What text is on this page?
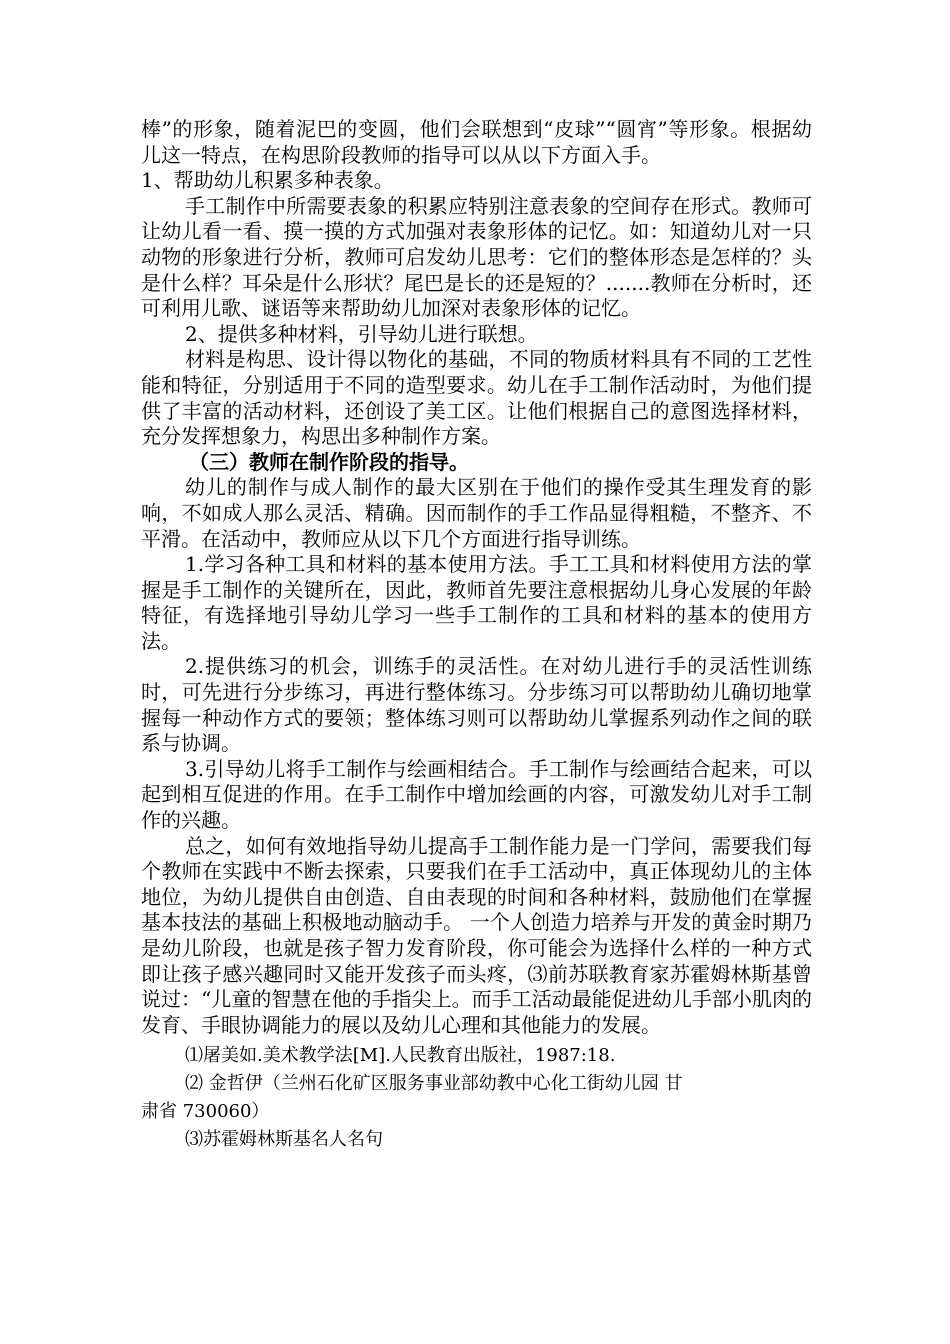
棒”的形象，随着泥巴的变圆，他们会联想到“皮球”“圆宵”等形象。根据幼儿这一特点，在构思阶段教师的指导可以从以下方面入手。

1、帮助幼儿积累多种表象。

手工制作中所需要表象的积累应特别注意表象的空间存在形式。教师可让幼儿看一看、摸一摸的方式加强对表象形体的记忆。如：知道幼儿对一只动物的形象进行分析，教师可启发幼儿思考：它们的整体形态是怎样的？头是什么样？耳朵是什么形状？尾巴是长的还是短的？.......教师在分析时，还可利用儿歌、谜语等来帮助幼儿加深对表象形体的记忆。

2、提供多种材料，引导幼儿进行联想。

材料是构思、设计得以物化的基础，不同的物质材料具有不同的工艺性能和特征，分别适用于不同的造型要求。幼儿在手工制作活动时，为他们提供了丰富的活动材料，还创设了美工区。让他们根据自己的意图选择材料，充分发挥想象力，构思出多种制作方案。

（三）教师在制作阶段的指导。

幼儿的制作与成人制作的最大区别在于他们的操作受其生理发育的影响，不如成人那么灵活、精确。因而制作的手工作品显得粗糙，不整齐、不平滑。在活动中，教师应从以下几个方面进行指导训练。

1.学习各种工具和材料的基本使用方法。手工工具和材料使用方法的掌握是手工制作的关键所在，因此，教师首先要注意根据幼儿身心发展的年龄特征，有选择地引导幼儿学习一些手工制作的工具和材料的基本的使用方法。

2.提供练习的机会，训练手的灵活性。在对幼儿进行手的灵活性训练时，可先进行分步练习，再进行整体练习。分步练习可以帮助幼儿确切地掌握每一种动作方式的要领；整体练习则可以帮助幼儿掌握系列动作之间的联系与协调。

3.引导幼儿将手工制作与绘画相结合。手工制作与绘画结合起来，可以起到相互促进的作用。在手工制作中增加绘画的内容，可激发幼儿对手工制作的兴趣。

总之，如何有效地指导幼儿提高手工制作能力是一门学问，需要我们每个教师在实践中不断去探索，只要我们在手工活动中，真正体现幼儿的主体地位，为幼儿提供自由创造、自由表现的时间和各种材料，鼓励他们在掌握基本技法的基础上积极地动脑动手。 一个人创造力培养与开发的黄金时期乃是幼儿阶段，也就是孩子智力发育阶段，你可能会为选择什么样的一种方式即让孩子感兴趣同时又能开发孩子而头疼，⑶前苏联教育家苏霍姆林斯基曾说过：“儿童的智慧在他的手指尖上。而手工活动最能促进幼儿手部小肌肉的发育、手眼协调能力的展以及幼儿心理和其他能力的发展。

⑴屠美如.美术教学法[M].人民教育出版社，1987:18.

⑵ 金哲伊（兰州石化矿区服务事业部幼教中心化工街幼儿园 甘

肃省 730060）

⑶苏霍姆林斯基名人名句
